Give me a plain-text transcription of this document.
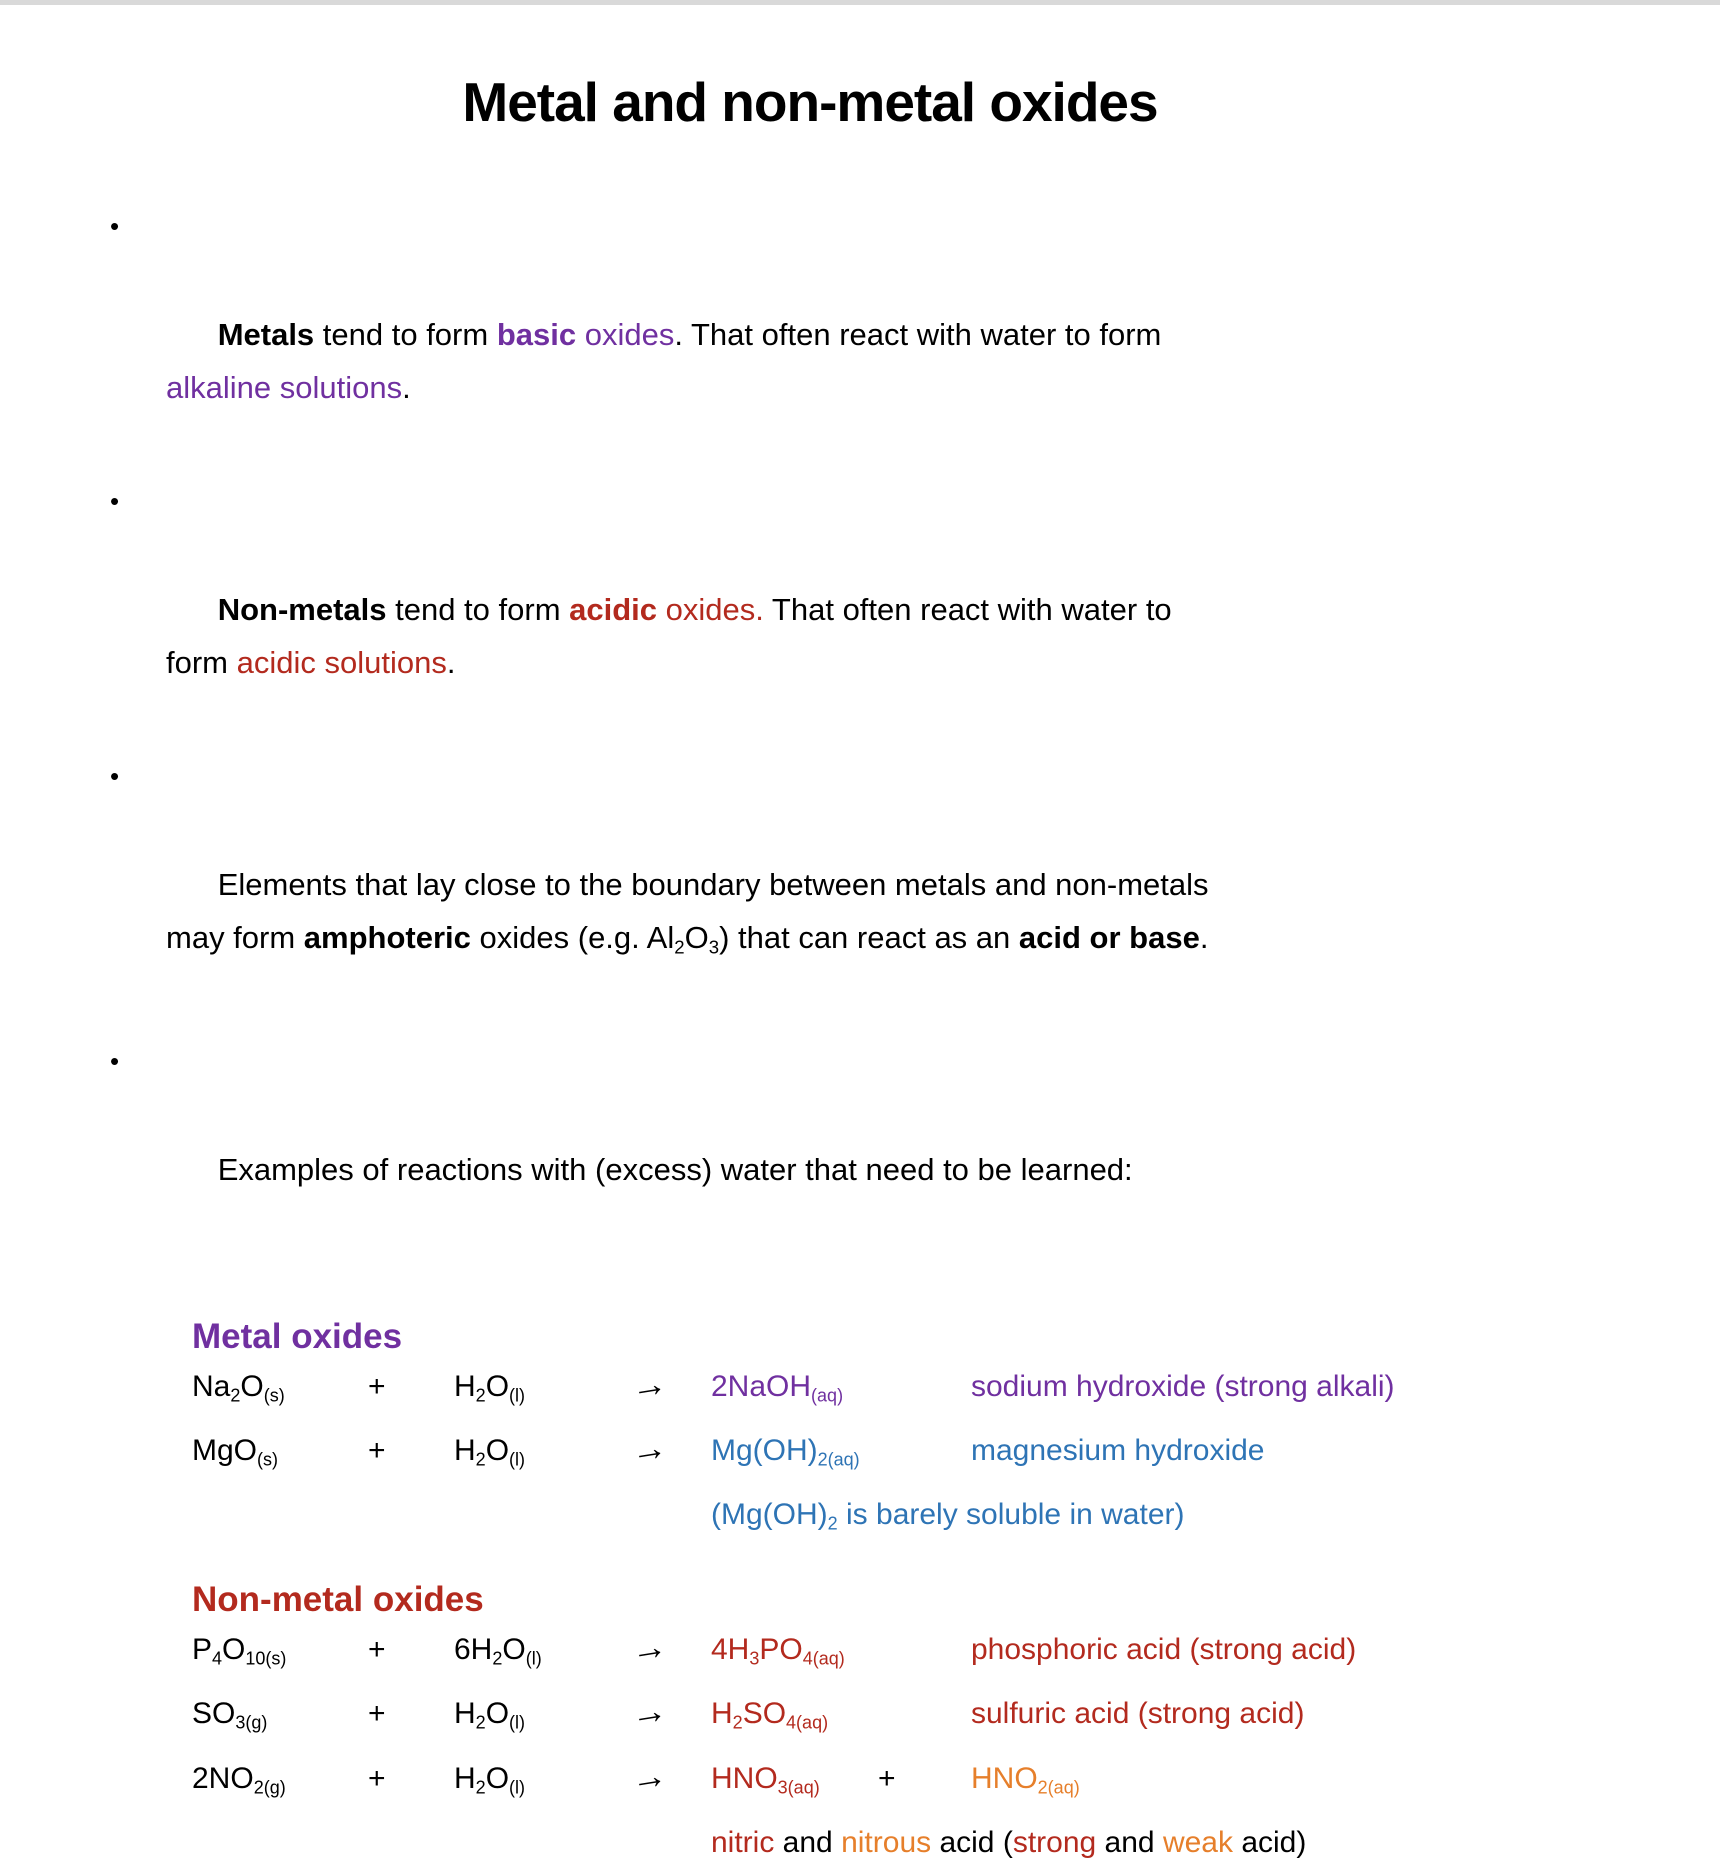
Metal and non-metal oxides

•

Metals tend to form basic oxides. That often react with water to form
alkaline solutions.

•

Non-metals tend to form acidic oxides. That often react with water to
form acidic solutions.

•

Elements that lay close to the boundary between metals and non-metals
may form amphoteric oxides (e.g. $Al_2O_3$) that can react as an acid or base.

•

Examples of reactions with (excess) water that need to be learned:

Metal oxides
$Na_2O_{(s)}$	+	$H_2O_{(l)}$	→	2NaOH$_{(aq)}$	sodium hydroxide (strong alkali)
MgO$_{(s)}$	+	$H_2O_{(l)}$	→	$Mg(OH)_{2(aq)}$	magnesium hydroxide
($Mg(OH)_2$ is barely soluble in water)
Non-metal oxides
$P_4O_{10(s)}$	+	$6H_2O_{(l)}$	→	$4H_3PO_{4(aq)}$	phosphoric acid (strong acid)
$SO_{3(g)}$	+	$H_2O_{(l)}$	→	$H_2SO_{4(aq)}$	sulfuric acid (strong acid)
$2NO_{2(g)}$	+	$H_2O_{(l)}$	→	$HNO_{3(aq)}$       +	$HNO_{2(aq)}$
nitric and nitrous acid (strong and weak acid)
